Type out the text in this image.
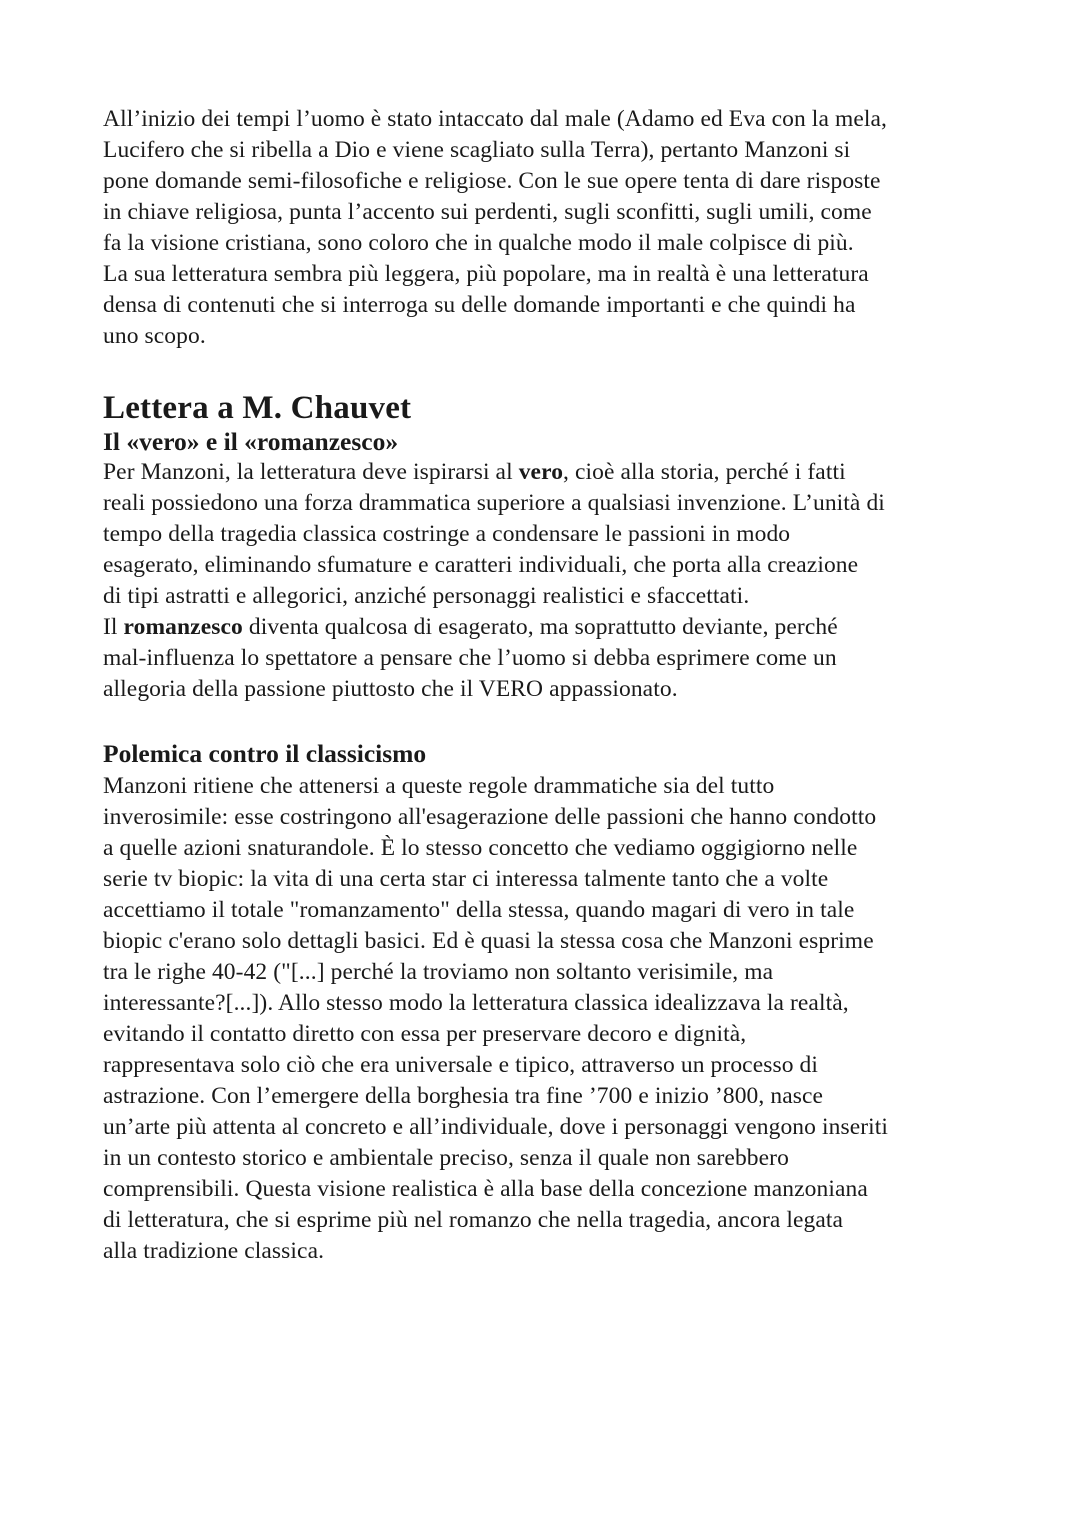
All’inizio dei tempi l’uomo è stato intaccato dal male (Adamo ed Eva con la mela,
Lucifero che si ribella a Dio e viene scagliato sulla Terra), pertanto Manzoni si
pone domande semi-filosofiche e religiose. Con le sue opere tenta di dare risposte
in chiave religiosa, punta l’accento sui perdenti, sugli sconfitti, sugli umili, come
fa la visione cristiana, sono coloro che in qualche modo il male colpisce di più.
La sua letteratura sembra più leggera, più popolare, ma in realtà è una letteratura
densa di contenuti che si interroga su delle domande importanti e che quindi ha
uno scopo.
Lettera a M. Chauvet
Il «vero» e il «romanzesco»
Per Manzoni, la letteratura deve ispirarsi al vero, cioè alla storia, perché i fatti
reali possiedono una forza drammatica superiore a qualsiasi invenzione. L’unità di
tempo della tragedia classica costringe a condensare le passioni in modo
esagerato, eliminando sfumature e caratteri individuali, che porta alla creazione
di tipi astratti e allegorici, anziché personaggi realistici e sfaccettati.
Il romanzesco diventa qualcosa di esagerato, ma soprattutto deviante, perché
mal-influenza lo spettatore a pensare che l’uomo si debba esprimere come un
allegoria della passione piuttosto che il VERO appassionato.
Polemica contro il classicismo
Manzoni ritiene che attenersi a queste regole drammatiche sia del tutto
inverosimile: esse costringono all'esagerazione delle passioni che hanno condotto
a quelle azioni snaturandole. È lo stesso concetto che vediamo oggigiorno nelle
serie tv biopic: la vita di una certa star ci interessa talmente tanto che a volte
accettiamo il totale "romanzamento" della stessa, quando magari di vero in tale
biopic c'erano solo dettagli basici. Ed è quasi la stessa cosa che Manzoni esprime
tra le righe 40-42 ("[...] perché la troviamo non soltanto verisimile, ma
interessante?[...]). Allo stesso modo la letteratura classica idealizzava la realtà,
evitando il contatto diretto con essa per preservare decoro e dignità,
rappresentava solo ciò che era universale e tipico, attraverso un processo di
astrazione. Con l’emergere della borghesia tra fine ’700 e inizio ’800, nasce
un’arte più attenta al concreto e all’individuale, dove i personaggi vengono inseriti
in un contesto storico e ambientale preciso, senza il quale non sarebbero
comprensibili. Questa visione realistica è alla base della concezione manzoniana
di letteratura, che si esprime più nel romanzo che nella tragedia, ancora legata
alla tradizione classica.
